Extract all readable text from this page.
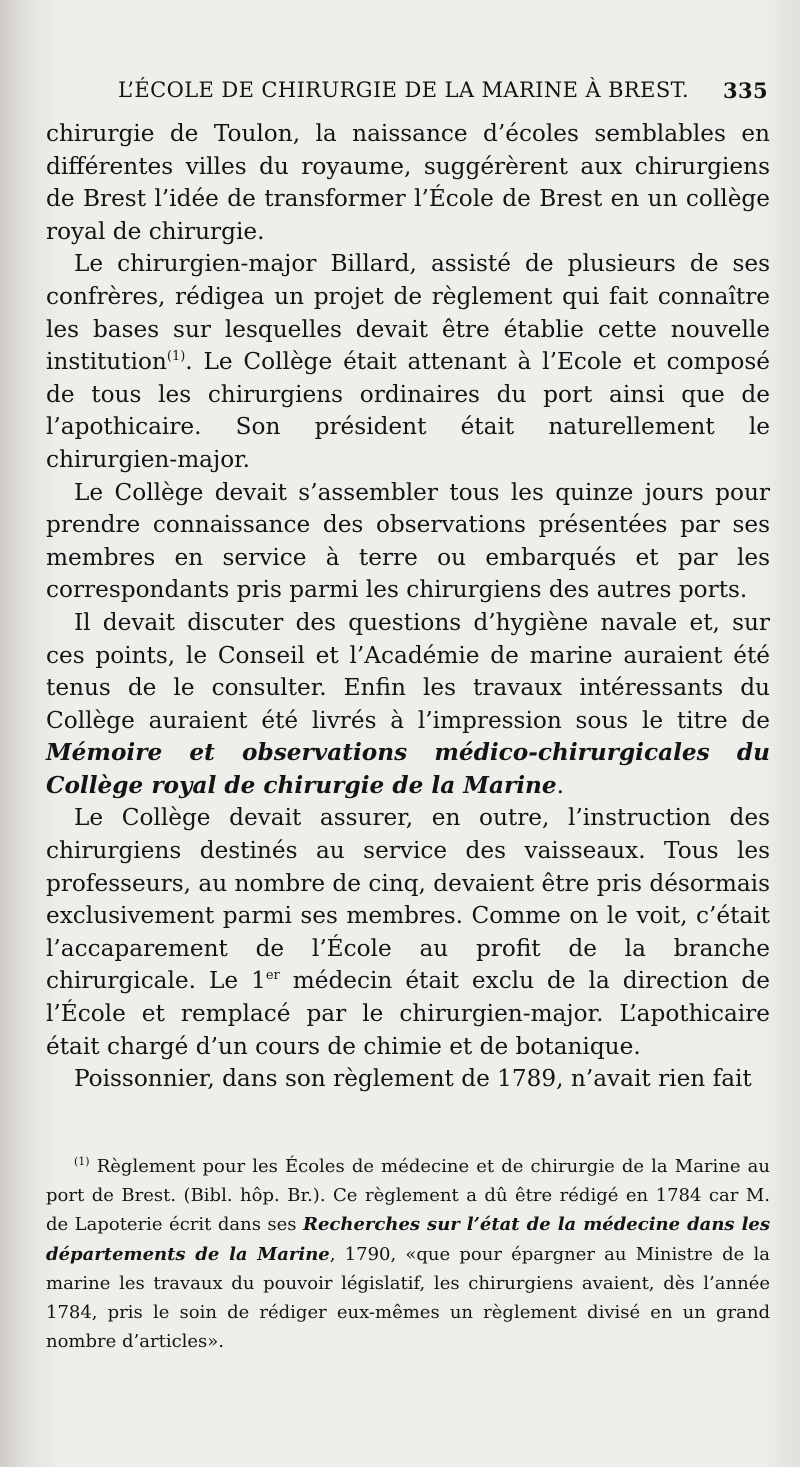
L’ÉCOLE DE CHIRURGIE DE LA MARINE À BREST. 335

chirurgie de Toulon, la naissance d’écoles semblables en différentes villes du royaume, suggérèrent aux chirurgiens de Brest l’idée de transformer l’École de Brest en un collège royal de chirurgie.

Le chirurgien-major Billard, assisté de plusieurs de ses confrères, rédigea un projet de règlement qui fait connaître les bases sur lesquelles devait être établie cette nouvelle institution$^{(1)}$. Le Collège était attenant à l’Ecole et composé de tous les chirurgiens ordinaires du port ainsi que de l’apothicaire. Son président était naturellement le chirurgien-major.

Le Collège devait s’assembler tous les quinze jours pour prendre connaissance des observations présentées par ses membres en service à terre ou embarqués et par les correspondants pris parmi les chirurgiens des autres ports.

Il devait discuter des questions d’hygiène navale et, sur ces points, le Conseil et l’Académie de marine auraient été tenus de le consulter. Enfin les travaux intéressants du Collège auraient été livrés à l’impression sous le titre de Mémoire et observations médico-chirurgicales du Collège royal de chirurgie de la Marine.

Le Collège devait assurer, en outre, l’instruction des chirurgiens destinés au service des vaisseaux. Tous les professeurs, au nombre de cinq, devaient être pris désormais exclusivement parmi ses membres. Comme on le voit, c’était l’accaparement de l’École au profit de la branche chirurgicale. Le 1er médecin était exclu de la direction de l’École et remplacé par le chirurgien-major. L’apothicaire était chargé d’un cours de chimie et de botanique.

Poissonnier, dans son règlement de 1789, n’avait rien fait

$^{(1)}$ Règlement pour les Écoles de médecine et de chirurgie de la Marine au port de Brest. (Bibl. hôp. Br.). Ce règlement a dû être rédigé en 1784 car M. de Lapoterie écrit dans ses Recherches sur l’état de la médecine dans les départements de la Marine, 1790, «que pour épargner au Ministre de la marine les travaux du pouvoir législatif, les chirurgiens avaient, dès l’année 1784, pris le soin de rédiger eux-mêmes un règlement divisé en un grand nombre d’articles».
